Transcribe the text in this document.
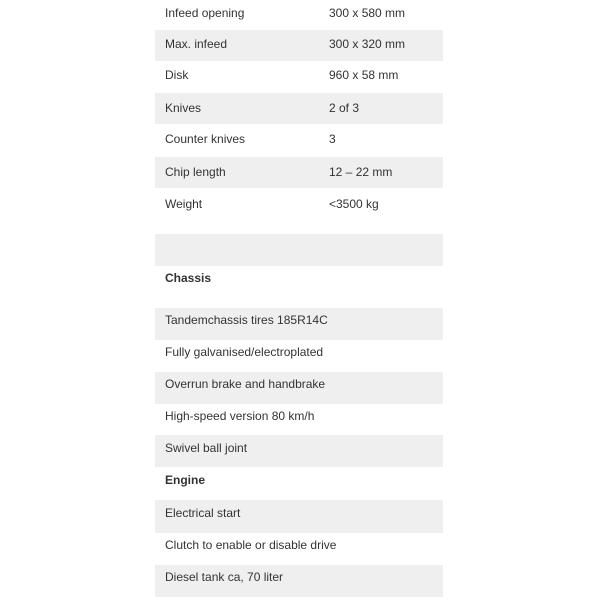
Infeed opening	300 x 580 mm
Max. infeed	300 x 320 mm
Disk	960 x 58 mm
Knives	2 of 3
Counter knives	3
Chip length	12 – 22 mm
Weight	<3500 kg
Chassis
Tandemchassis tires 185R14C
Fully galvanised/electroplated
Overrun brake and handbrake
High-speed version 80 km/h
Swivel ball joint
Engine
Electrical start
Clutch to enable or disable drive
Diesel tank ca, 70 liter
